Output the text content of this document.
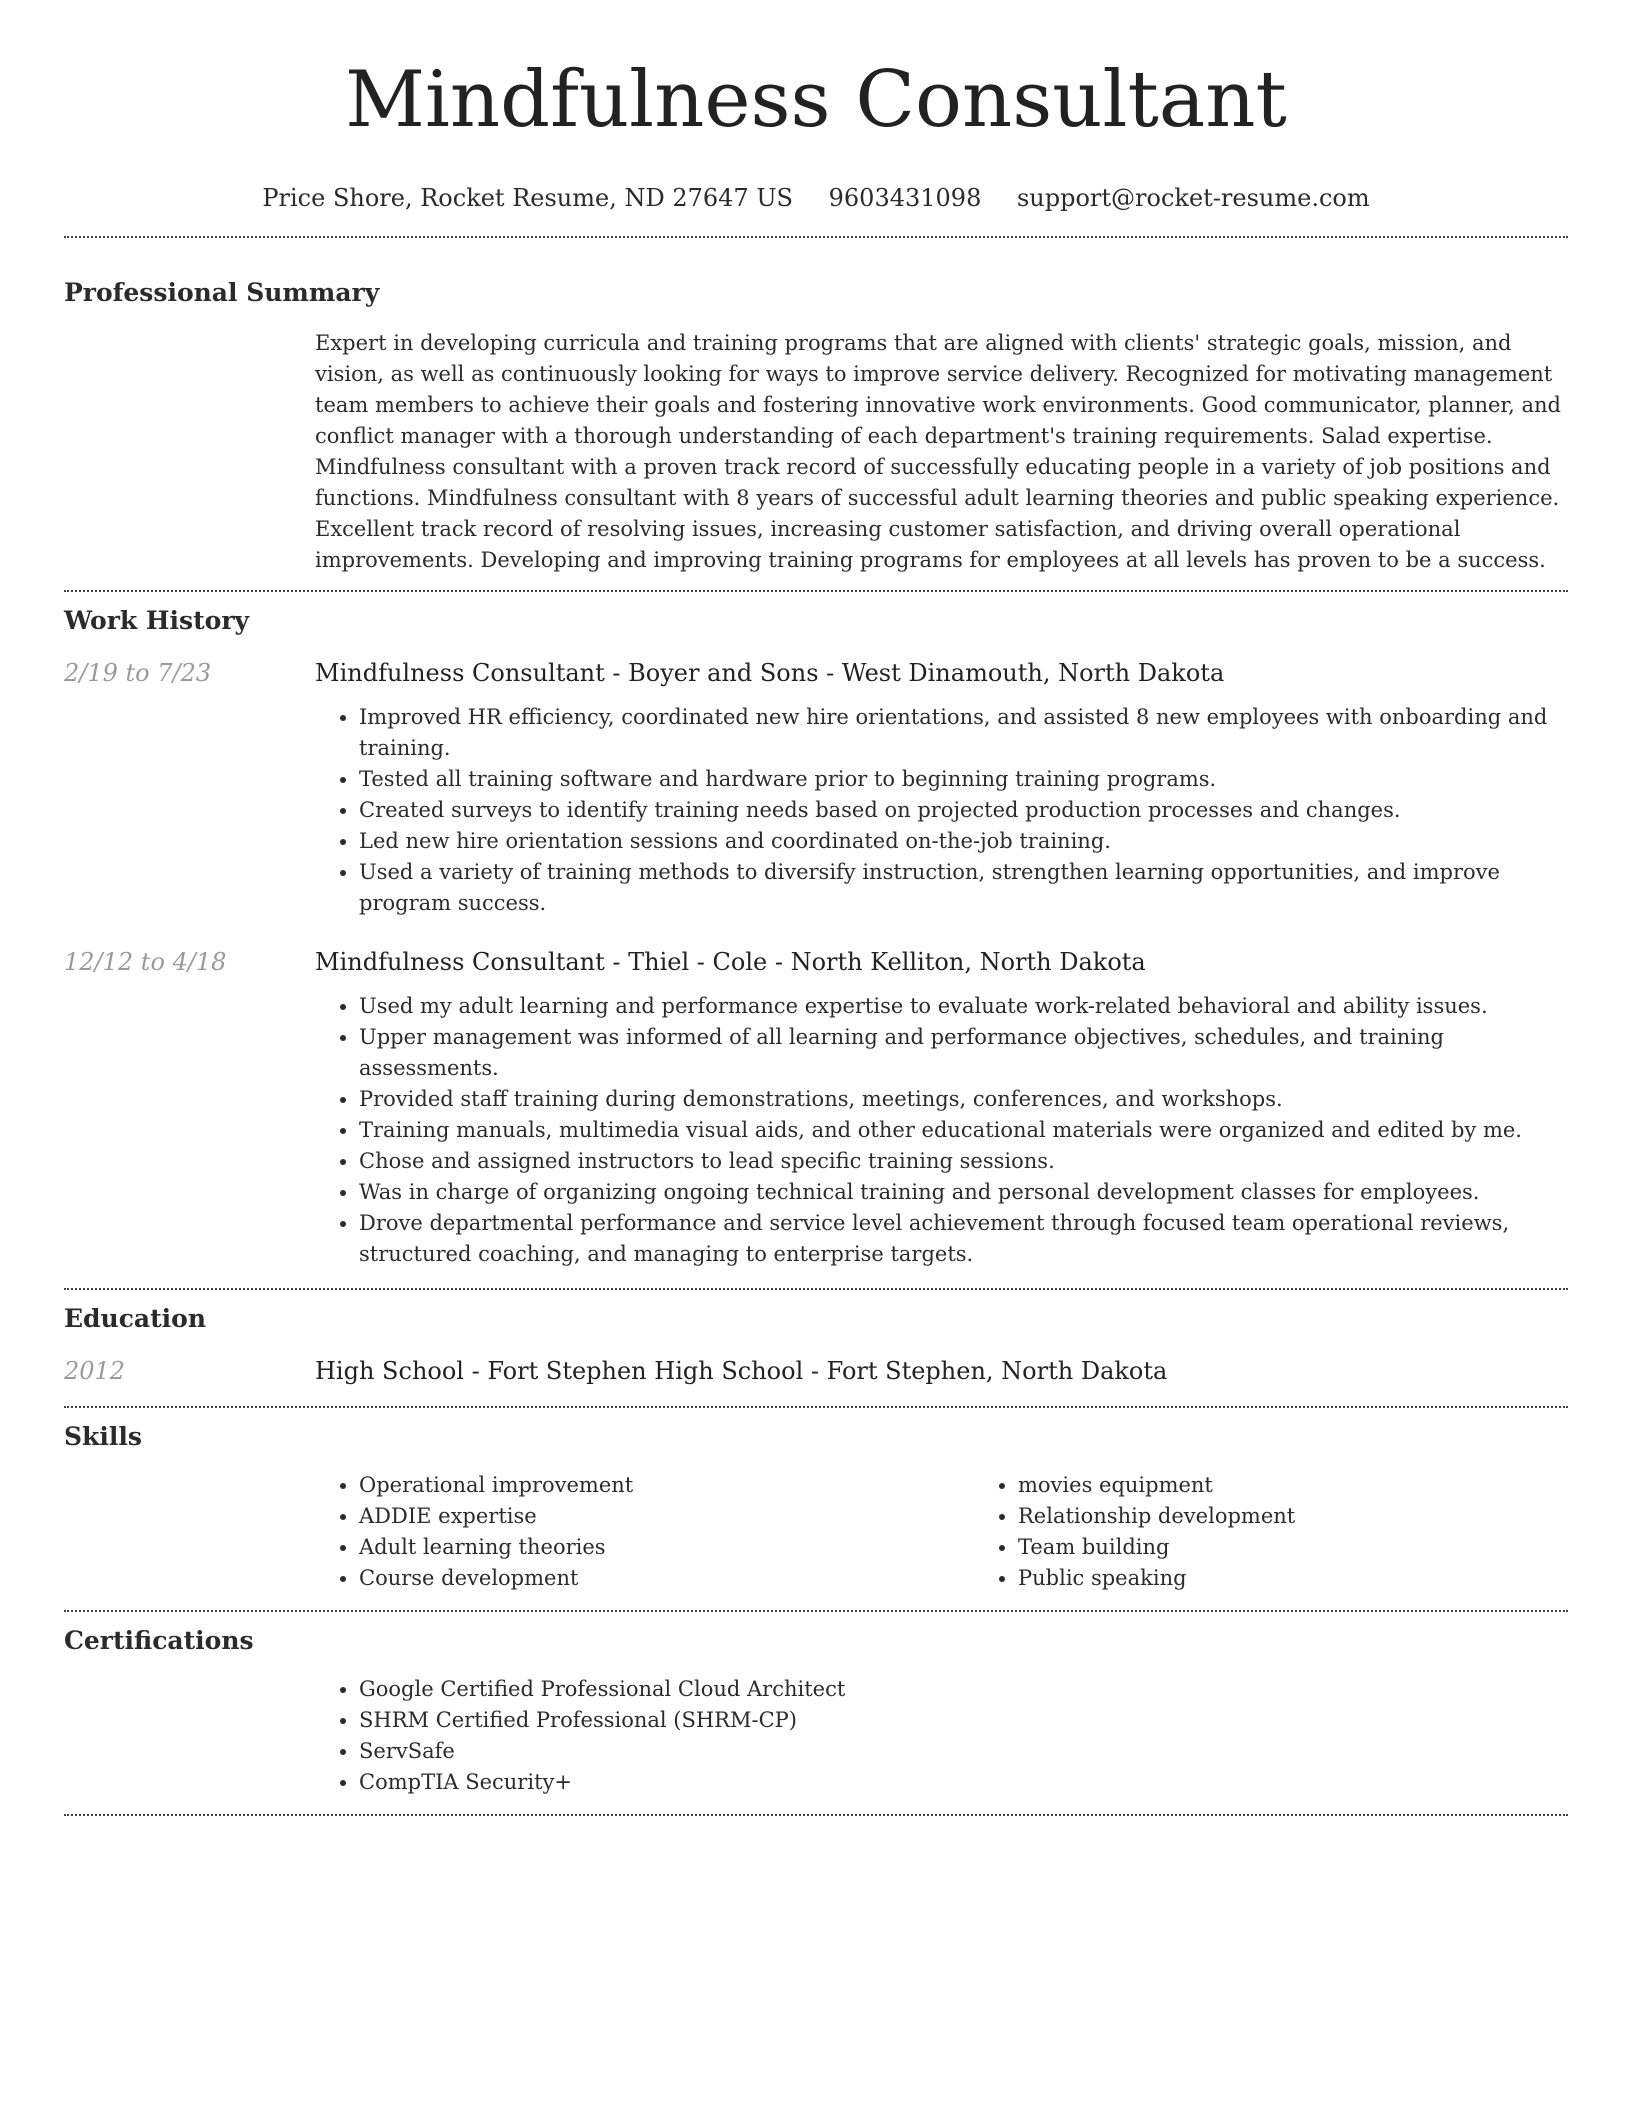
Mindfulness Consultant
Price Shore, Rocket Resume, ND 27647 US 9603431098 support@rocket-resume.com
Professional Summary

Expert in developing curricula and training programs that are aligned with clients' strategic goals, mission, and vision, as well as continuously looking for ways to improve service delivery. Recognized for motivating management team members to achieve their goals and fostering innovative work environments. Good communicator, planner, and conflict manager with a thorough understanding of each department's training requirements. Salad expertise. Mindfulness consultant with a proven track record of successfully educating people in a variety of job positions and functions. Mindfulness consultant with 8 years of successful adult learning theories and public speaking experience. Excellent track record of resolving issues, increasing customer satisfaction, and driving overall operational improvements. Developing and improving training programs for employees at all levels has proven to be a success.

Work History
2/19 to 7/23	Mindfulness Consultant - Boyer and Sons - West Dinamouth, North Dakota
• Improved HR efficiency, coordinated new hire orientations, and assisted 8 new employees with onboarding and training.
• Tested all training software and hardware prior to beginning training programs.
• Created surveys to identify training needs based on projected production processes and changes.
• Led new hire orientation sessions and coordinated on-the-job training.
• Used a variety of training methods to diversify instruction, strengthen learning opportunities, and improve program success.
12/12 to 4/18	Mindfulness Consultant - Thiel - Cole - North Kelliton, North Dakota
• Used my adult learning and performance expertise to evaluate work-related behavioral and ability issues.
• Upper management was informed of all learning and performance objectives, schedules, and training assessments.
• Provided staff training during demonstrations, meetings, conferences, and workshops.
• Training manuals, multimedia visual aids, and other educational materials were organized and edited by me.
• Chose and assigned instructors to lead specific training sessions.
• Was in charge of organizing ongoing technical training and personal development classes for employees.
• Drove departmental performance and service level achievement through focused team operational reviews, structured coaching, and managing to enterprise targets.
Education
2012	High School - Fort Stephen High School - Fort Stephen, North Dakota
Skills
• Operational improvement
• ADDIE expertise
• Adult learning theories
• Course development
• movies equipment
• Relationship development
• Team building
• Public speaking
Certifications
• Google Certified Professional Cloud Architect
• SHRM Certified Professional (SHRM-CP)
• ServSafe
• CompTIA Security+
